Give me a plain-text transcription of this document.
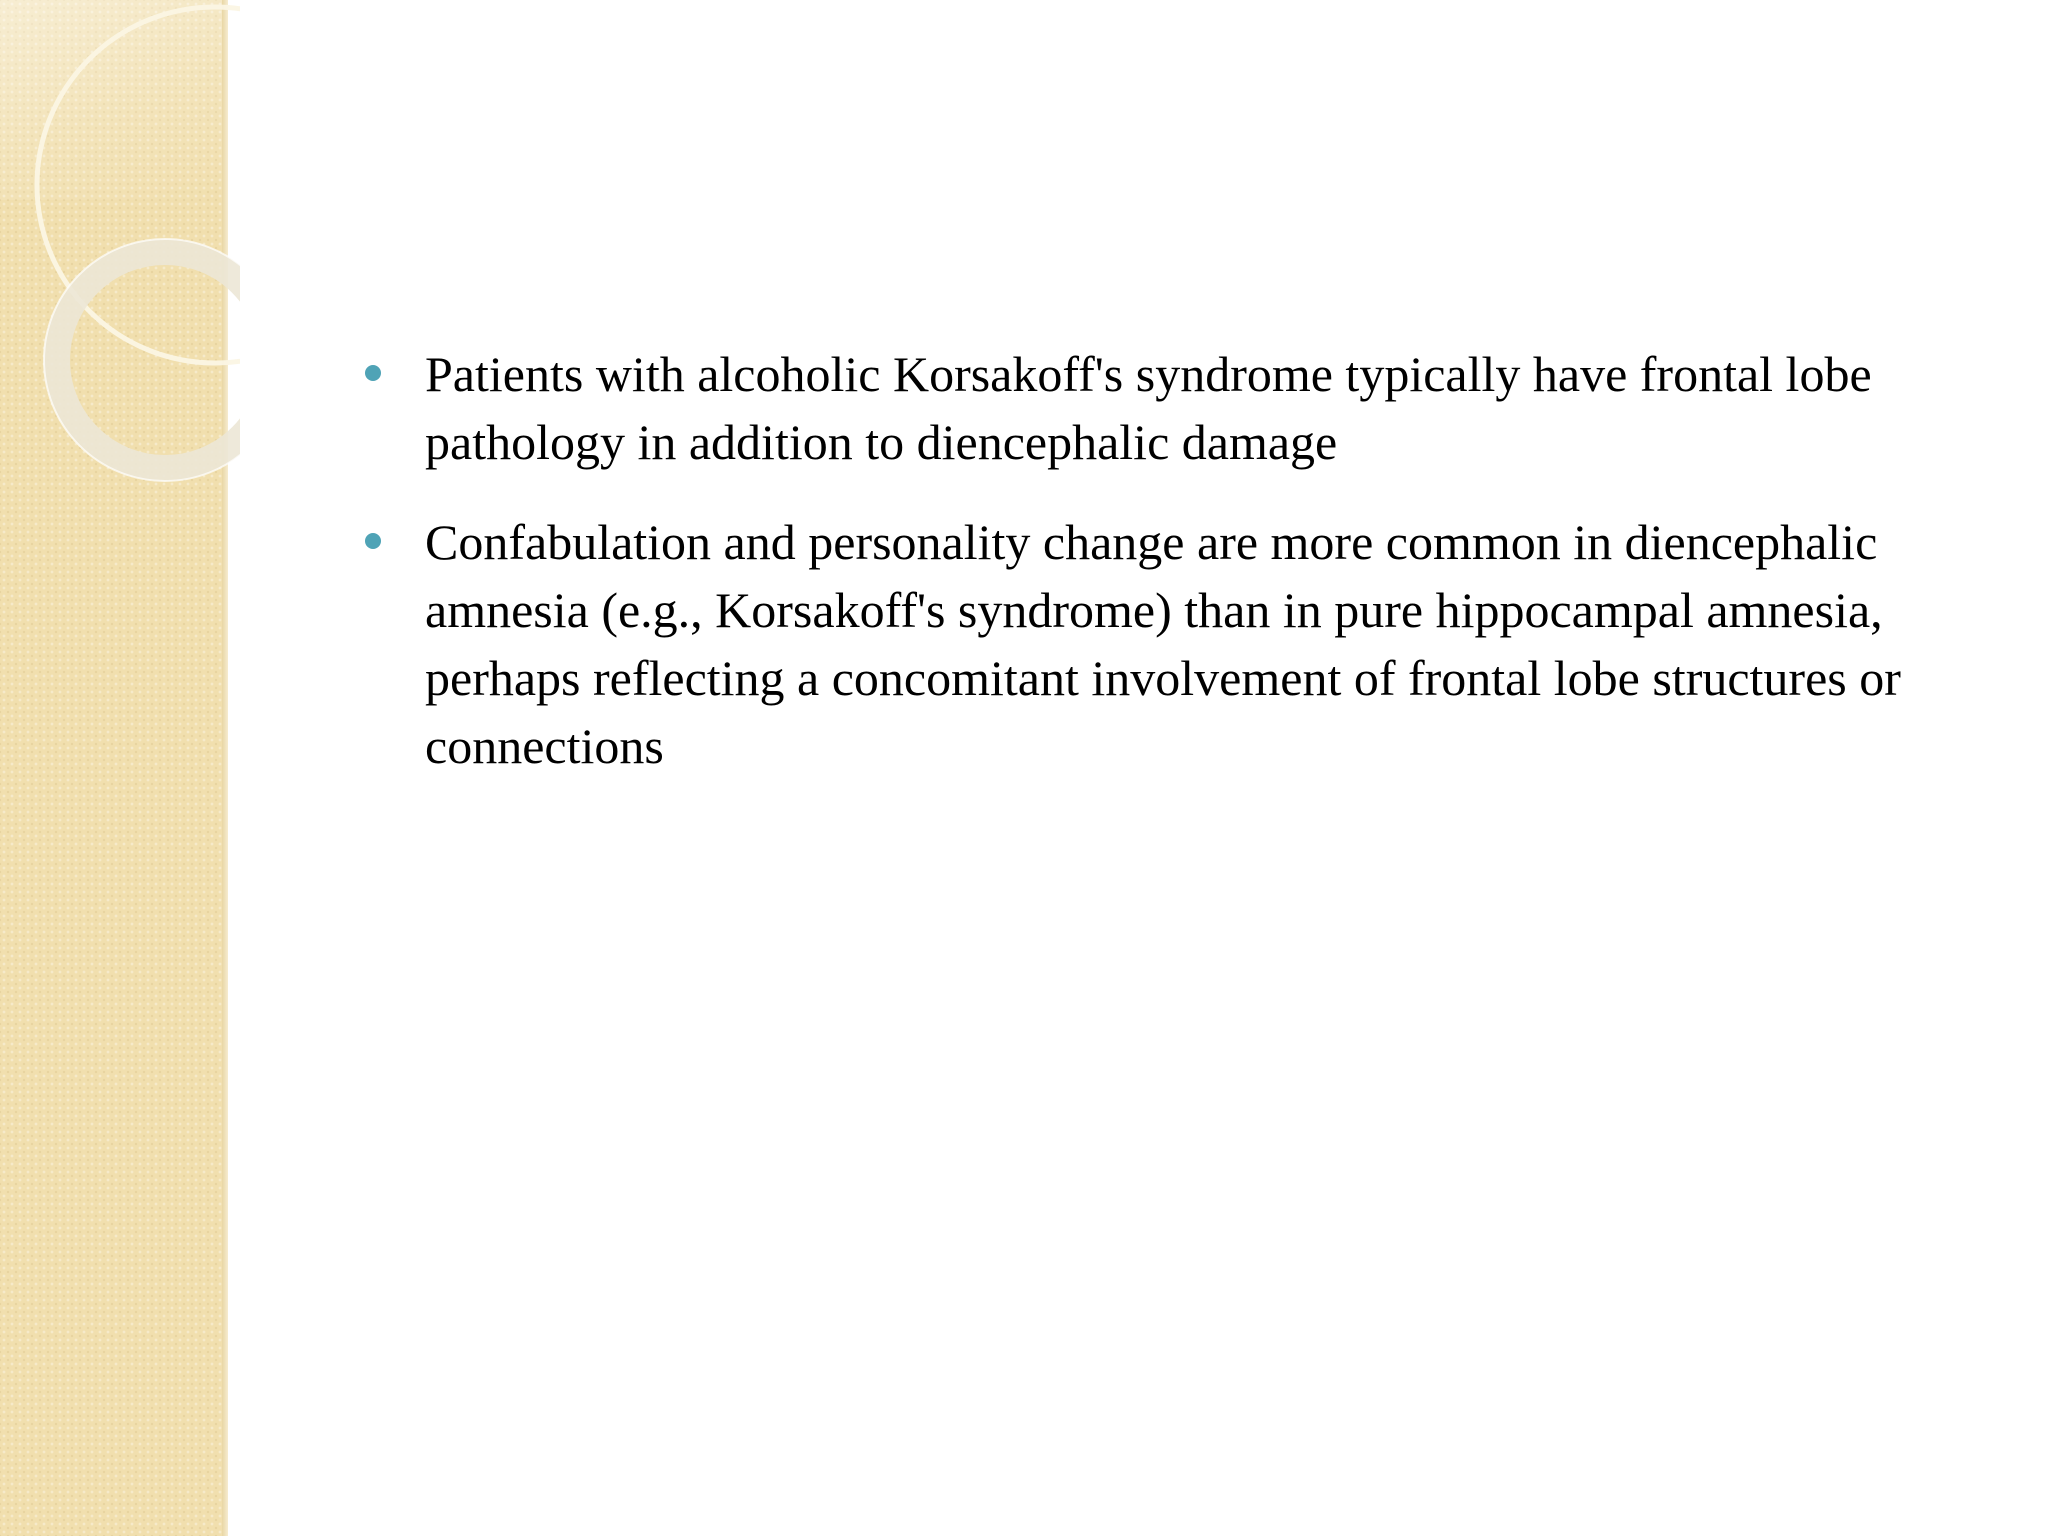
Patients with alcoholic Korsakoff's syndrome typically have frontal lobe pathology in addition to diencephalic damage
Confabulation and personality change are more common in diencephalic amnesia (e.g., Korsakoff's syndrome) than in pure hippocampal amnesia, perhaps reflecting a concomitant involvement of frontal lobe structures or connections
